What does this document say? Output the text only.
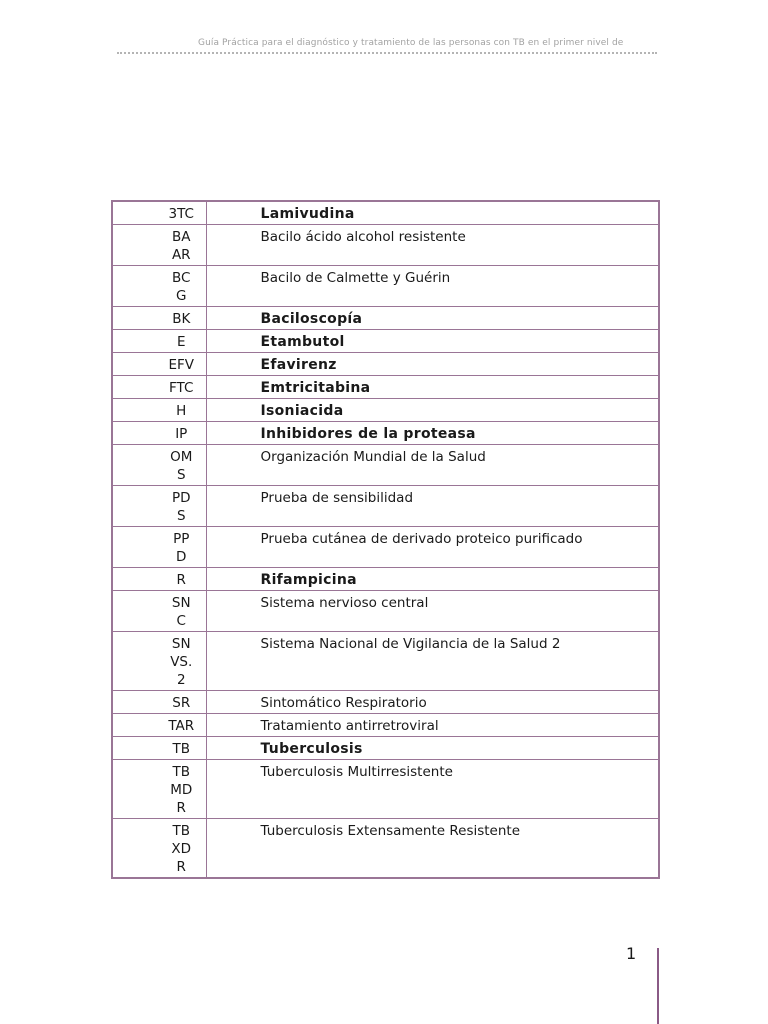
Guía Práctica para el diagnóstico y tratamiento de las personas con TB en el primer nivel de
3TC	Lamivudina
BAAR	Bacilo ácido alcohol resistente
BCG	Bacilo de Calmette y Guérin
BK	Baciloscopía
E	Etambutol
EFV	Efavirenz
FTC	Emtricitabina
H	Isoniacida
IP	Inhibidores de la proteasa
OMS	Organización Mundial de la Salud
PDS	Prueba de sensibilidad
PPD	Prueba cutánea de derivado proteico purificado
R	Rifampicina
SNC	Sistema nervioso central
SNVS. 2	Sistema Nacional de Vigilancia de la Salud 2
SR	Sintomático Respiratorio
TAR	Tratamiento antirretroviral
TB	Tuberculosis
TBMDR	Tuberculosis Multirresistente
TBXDR	Tuberculosis Extensamente Resistente
1
